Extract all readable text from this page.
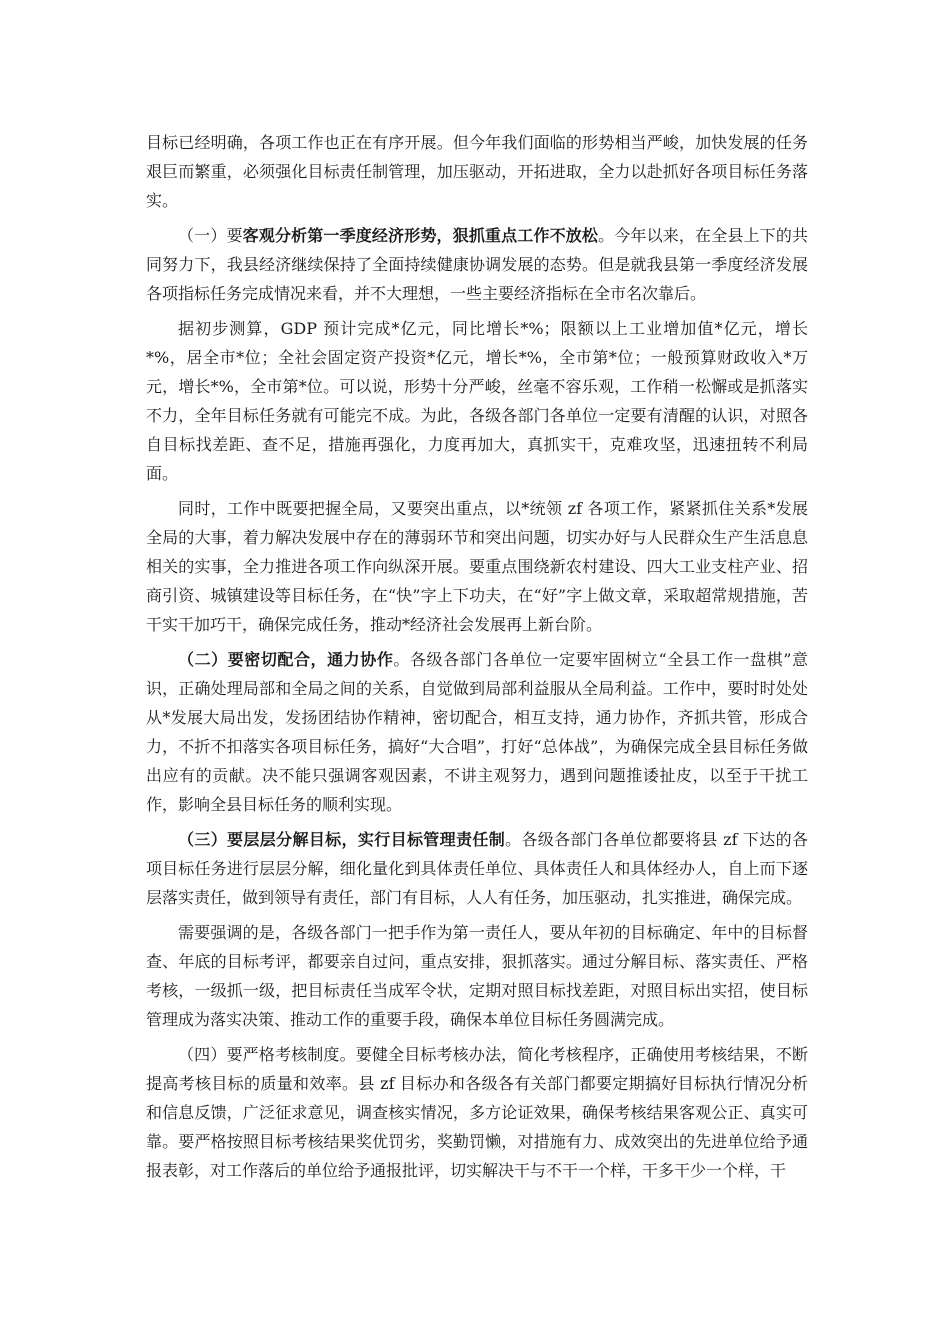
目标已经明确，各项工作也正在有序开展。但今年我们面临的形势相当严峻，加快发展的任务艰巨而繁重，必须强化目标责任制管理，加压驱动，开拓进取，全力以赴抓好各项目标任务落实。

（一）要客观分析第一季度经济形势，狠抓重点工作不放松。今年以来，在全县上下的共同努力下，我县经济继续保持了全面持续健康协调发展的态势。但是就我县第一季度经济发展各项指标任务完成情况来看，并不大理想，一些主要经济指标在全市名次靠后。

据初步测算，GDP 预计完成*亿元，同比增长*%；限额以上工业增加值*亿元，增长*%，居全市*位；全社会固定资产投资*亿元，增长*%，全市第*位；一般预算财政收入*万元，增长*%，全市第*位。可以说，形势十分严峻，丝毫不容乐观，工作稍一松懈或是抓落实不力，全年目标任务就有可能完不成。为此，各级各部门各单位一定要有清醒的认识，对照各自目标找差距、查不足，措施再强化，力度再加大，真抓实干，克难攻坚，迅速扭转不利局面。

同时，工作中既要把握全局，又要突出重点，以*统领 zf 各项工作，紧紧抓住关系*发展全局的大事，着力解决发展中存在的薄弱环节和突出问题，切实办好与人民群众生产生活息息相关的实事，全力推进各项工作向纵深开展。要重点围绕新农村建设、四大工业支柱产业、招商引资、城镇建设等目标任务，在“快”字上下功夫，在“好”字上做文章，采取超常规措施，苦干实干加巧干，确保完成任务，推动*经济社会发展再上新台阶。

（二）要密切配合，通力协作。各级各部门各单位一定要牢固树立“全县工作一盘棋”意识，正确处理局部和全局之间的关系，自觉做到局部利益服从全局利益。工作中，要时时处处从*发展大局出发，发扬团结协作精神，密切配合，相互支持，通力协作，齐抓共管，形成合力，不折不扣落实各项目标任务，搞好“大合唱”，打好“总体战”，为确保完成全县目标任务做出应有的贡献。决不能只强调客观因素，不讲主观努力，遇到问题推诿扯皮，以至于干扰工作，影响全县目标任务的顺利实现。

（三）要层层分解目标，实行目标管理责任制。各级各部门各单位都要将县 zf 下达的各项目标任务进行层层分解，细化量化到具体责任单位、具体责任人和具体经办人，自上而下逐层落实责任，做到领导有责任，部门有目标，人人有任务，加压驱动，扎实推进，确保完成。

需要强调的是，各级各部门一把手作为第一责任人，要从年初的目标确定、年中的目标督查、年底的目标考评，都要亲自过问，重点安排，狠抓落实。通过分解目标、落实责任、严格考核，一级抓一级，把目标责任当成军令状，定期对照目标找差距，对照目标出实招，使目标管理成为落实决策、推动工作的重要手段，确保本单位目标任务圆满完成。

（四）要严格考核制度。要健全目标考核办法，简化考核程序，正确使用考核结果，不断提高考核目标的质量和效率。县 zf 目标办和各级各有关部门都要定期搞好目标执行情况分析和信息反馈，广泛征求意见，调查核实情况，多方论证效果，确保考核结果客观公正、真实可靠。要严格按照目标考核结果奖优罚劣，奖勤罚懒，对措施有力、成效突出的先进单位给予通报表彰，对工作落后的单位给予通报批评，切实解决干与不干一个样，干多干少一个样，干
